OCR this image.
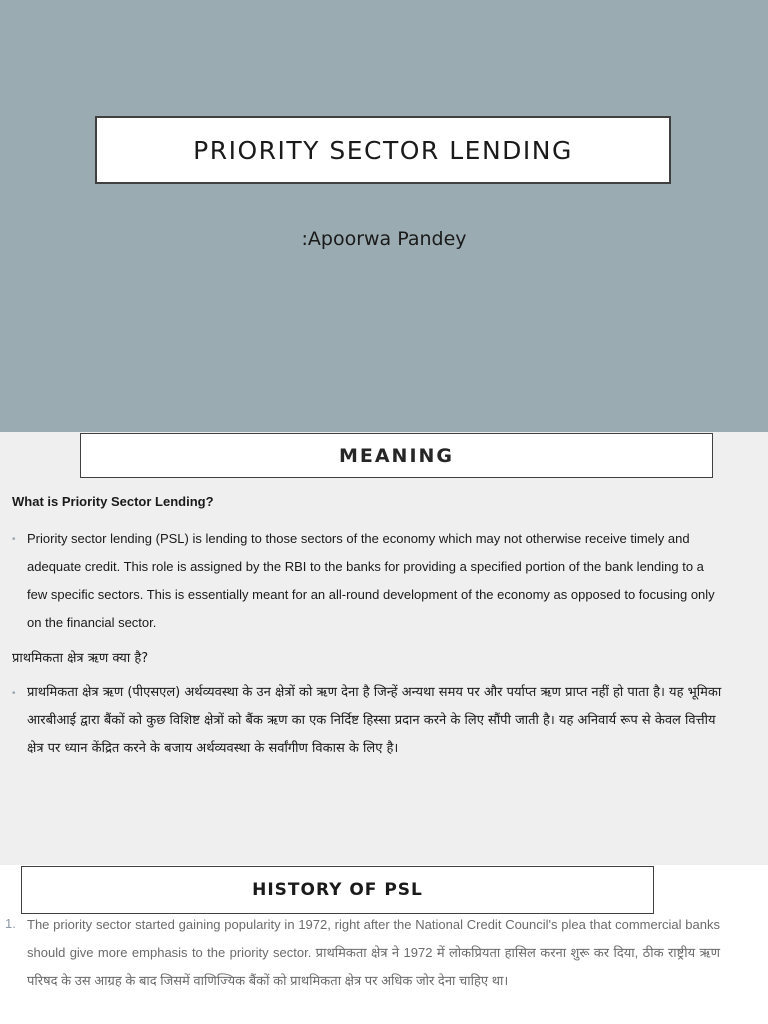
PRIORITY SECTOR LENDING
:Apoorwa Pandey
MEANING
What is Priority Sector Lending?
• Priority sector lending (PSL) is lending to those sectors of the economy which may not otherwise receive timely and adequate credit. This role is assigned by the RBI to the banks for providing a specified portion of the bank lending to a few specific sectors. This is essentially meant for an all-round development of the economy as opposed to focusing only on the financial sector.
प्राथमिकता क्षेत्र ऋण क्या है?
• प्राथमिकता क्षेत्र ऋण (पीएसएल) अर्थव्यवस्था के उन क्षेत्रों को ऋण देना है जिन्हें अन्यथा समय पर और पर्याप्त ऋण प्राप्त नहीं हो पाता है। यह भूमिका आरबीआई द्वारा बैंकों को कुछ विशिष्ट क्षेत्रों को बैंक ऋण का एक निर्दिष्ट हिस्सा प्रदान करने के लिए सौंपी जाती है। यह अनिवार्य रूप से केवल वित्तीय क्षेत्र पर ध्यान केंद्रित करने के बजाय अर्थव्यवस्था के सर्वांगीण विकास के लिए है।
HISTORY OF PSL
1. The priority sector started gaining popularity in 1972, right after the National Credit Council's plea that commercial banks should give more emphasis to the priority sector. प्राथमिकता क्षेत्र ने 1972 में लोकप्रियता हासिल करना शुरू कर दिया, ठीक राष्ट्रीय ऋण परिषद के उस आग्रह के बाद जिसमें वाणिज्यिक बैंकों को प्राथमिकता क्षेत्र पर अधिक जोर देना चाहिए था।
